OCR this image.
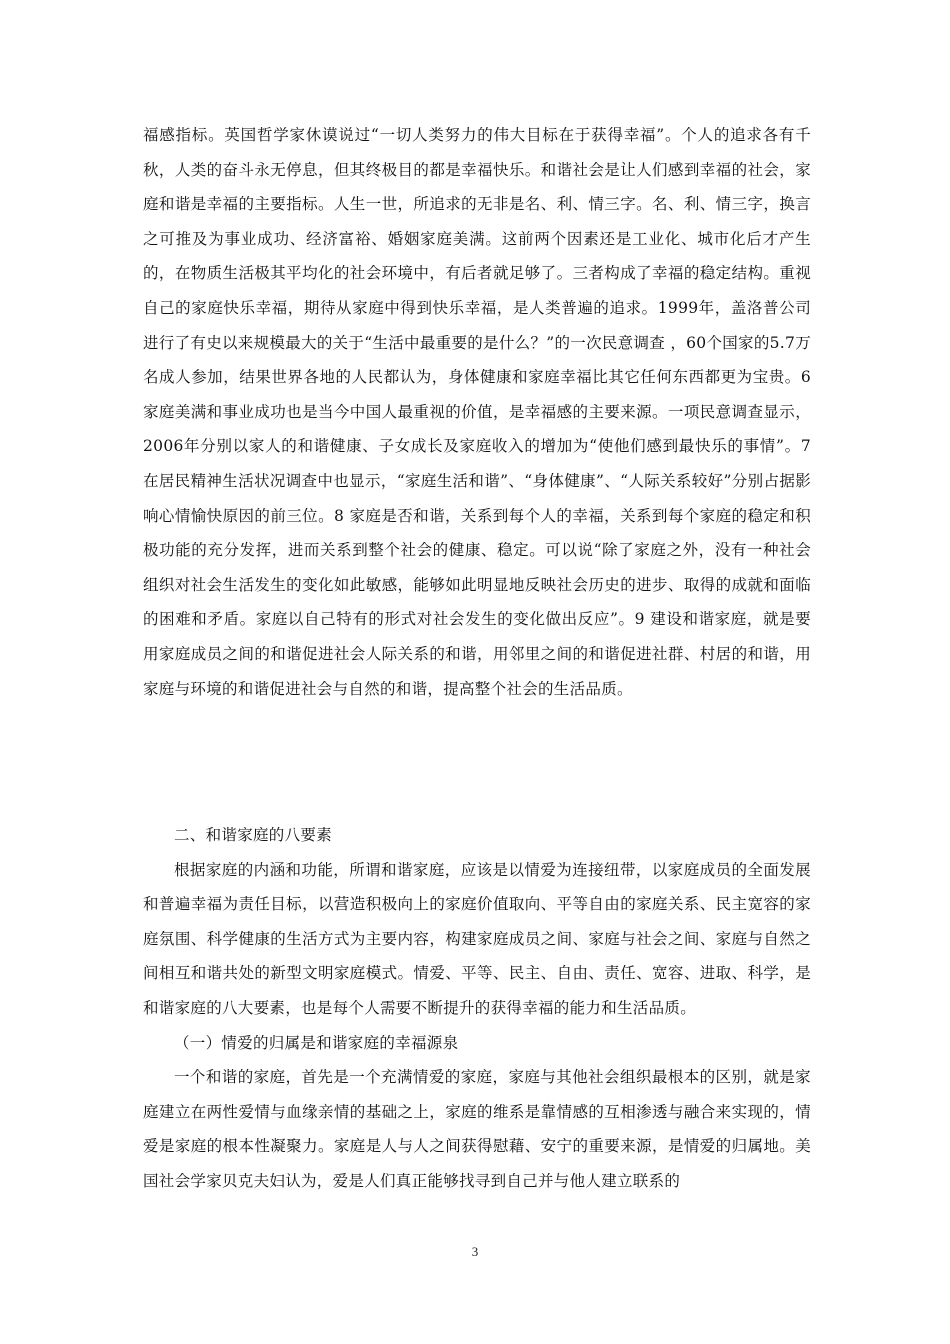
福感指标。英国哲学家休谟说过“一切人类努力的伟大目标在于获得幸福”。个人的追求各有千秋，人类的奋斗永无停息，但其终极目的都是幸福快乐。和谐社会是让人们感到幸福的社会，家庭和谐是幸福的主要指标。人生一世，所追求的无非是名、利、情三字。名、利、情三字，换言之可推及为事业成功、经济富裕、婚姻家庭美满。这前两个因素还是工业化、城市化后才产生的，在物质生活极其平均化的社会环境中，有后者就足够了。三者构成了幸福的稳定结构。重视自己的家庭快乐幸福，期待从家庭中得到快乐幸福，是人类普遍的追求。1999年，盖洛普公司进行了有史以来规模最大的关于“生活中最重要的是什么？”的一次民意调查 ，60个国家的5.7万名成人参加，结果世界各地的人民都认为，身体健康和家庭幸福比其它任何东西都更为宝贵。6 家庭美满和事业成功也是当今中国人最重视的价值，是幸福感的主要来源。一项民意调查显示，2006年分别以家人的和谐健康、子女成长及家庭收入的增加为“使他们感到最快乐的事情”。7 在居民精神生活状况调查中也显示，“家庭生活和谐”、“身体健康”、“人际关系较好”分别占据影响心情愉快原因的前三位。8 家庭是否和谐，关系到每个人的幸福，关系到每个家庭的稳定和积极功能的充分发挥，进而关系到整个社会的健康、稳定。可以说“除了家庭之外，没有一种社会组织对社会生活发生的变化如此敏感，能够如此明显地反映社会历史的进步、取得的成就和面临的困难和矛盾。家庭以自己特有的形式对社会发生的变化做出反应”。9 建设和谐家庭，就是要用家庭成员之间的和谐促进社会人际关系的和谐，用邻里之间的和谐促进社群、村居的和谐，用家庭与环境的和谐促进社会与自然的和谐，提高整个社会的生活品质。

二、和谐家庭的八要素

根据家庭的内涵和功能，所谓和谐家庭，应该是以情爱为连接纽带，以家庭成员的全面发展和普遍幸福为责任目标，以营造积极向上的家庭价值取向、平等自由的家庭关系、民主宽容的家庭氛围、科学健康的生活方式为主要内容，构建家庭成员之间、家庭与社会之间、家庭与自然之间相互和谐共处的新型文明家庭模式。情爱、平等、民主、自由、责任、宽容、进取、科学，是和谐家庭的八大要素，也是每个人需要不断提升的获得幸福的能力和生活品质。

（一）情爱的归属是和谐家庭的幸福源泉

一个和谐的家庭，首先是一个充满情爱的家庭，家庭与其他社会组织最根本的区别，就是家庭建立在两性爱情与血缘亲情的基础之上，家庭的维系是靠情感的互相渗透与融合来实现的，情爱是家庭的根本性凝聚力。家庭是人与人之间获得慰藉、安宁的重要来源，是情爱的归属地。美国社会学家贝克夫妇认为，爱是人们真正能够找寻到自己并与他人建立联系的

3
